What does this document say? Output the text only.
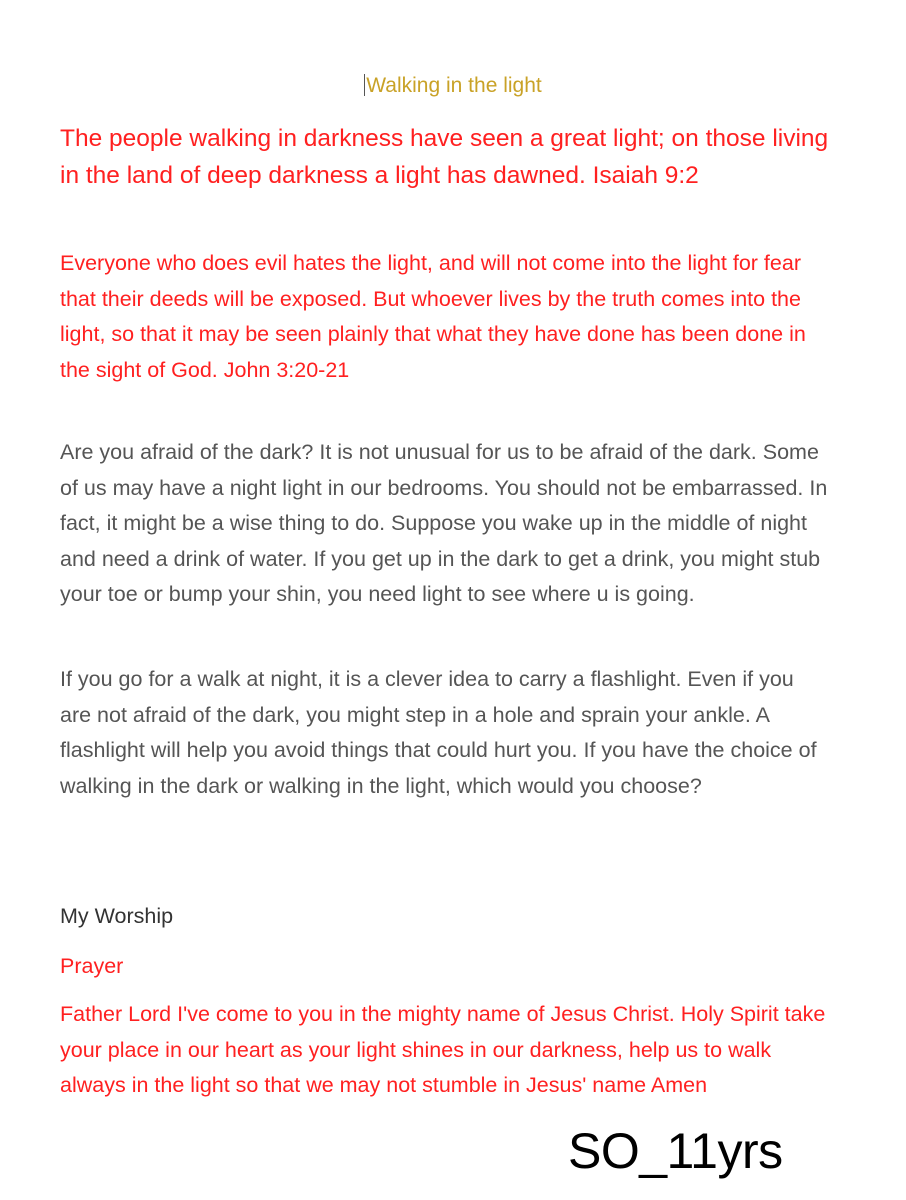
Walking in the light

The people walking in darkness have seen a great light; on those living in the land of deep darkness a light has dawned. Isaiah 9:2

Everyone who does evil hates the light, and will not come into the light for fear that their deeds will be exposed. But whoever lives by the truth comes into the light, so that it may be seen plainly that what they have done has been done in the sight of God. John 3:20-21

Are you afraid of the dark? It is not unusual for us to be afraid of the dark. Some of us may have a night light in our bedrooms. You should not be embarrassed. In fact, it might be a wise thing to do. Suppose you wake up in the middle of night and need a drink of water. If you get up in the dark to get a drink, you might stub your toe or bump your shin, you need light to see where u is going.

If you go for a walk at night, it is a clever idea to carry a flashlight. Even if you are not afraid of the dark, you might step in a hole and sprain your ankle. A flashlight will help you avoid things that could hurt you. If you have the choice of walking in the dark or walking in the light, which would you choose?

My Worship

Prayer

Father Lord I've come to you in the mighty name of Jesus Christ. Holy Spirit take your place in our heart as your light shines in our darkness, help us to walk always in the light so that we may not stumble in Jesus' name Amen

SO_11yrs
